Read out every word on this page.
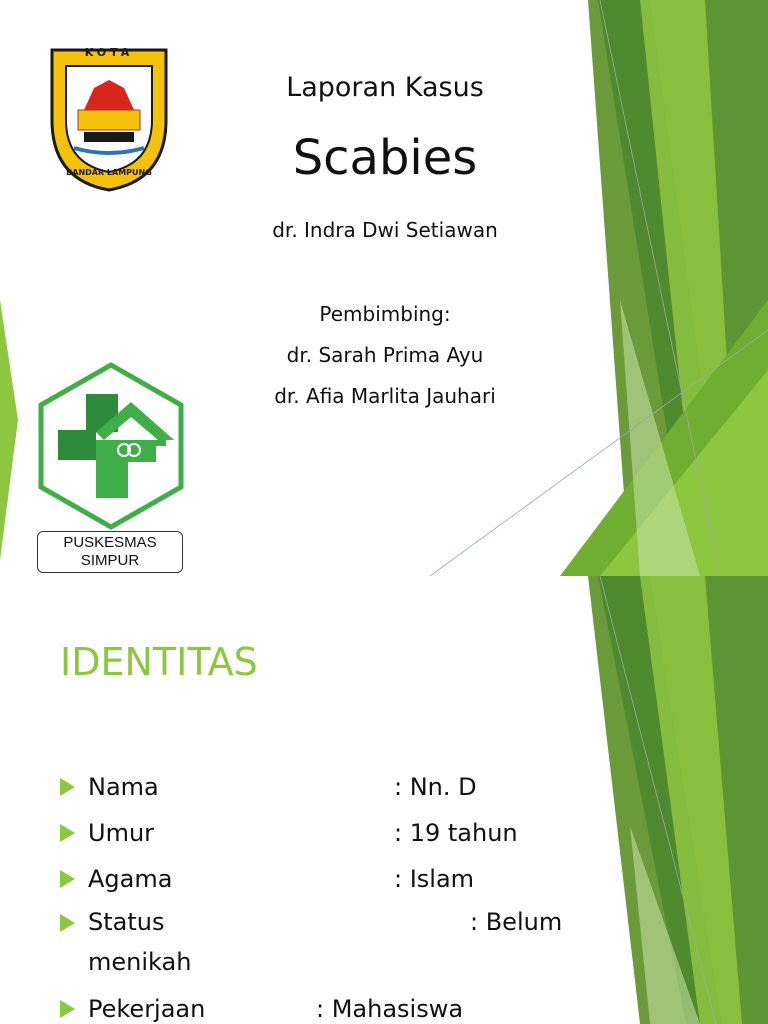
KOTA
BANDAR LAMPUNG
Laporan Kasus
Scabies
dr. Indra Dwi Setiawan
Pembimbing:
dr. Sarah Prima Ayu
dr. Afia Marlita Jauhari
PUSKESMAS
SIMPUR
IDENTITAS
Nama	: Nn. D
Umur	: 19 tahun
Agama	: Islam
Status	: Belum
menikah
Pekerjaan	: Mahasiswa
